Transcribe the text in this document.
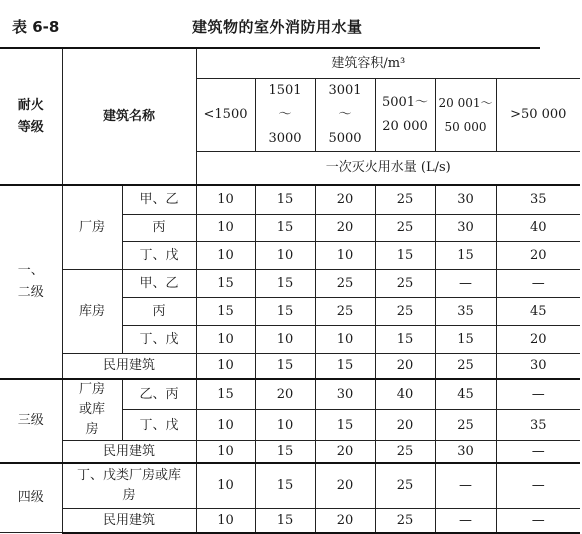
表 6-8	建筑物的室外消防用水量
耐火等级	建筑名称		建筑容积/m³					
			<1500	1501～3000	3001～5000	5001～20 000	20 001～50 000	>50 000
			一次灭火用水量 (L/s)					
一、二级	厂房	甲、乙	10	15	20	25	30	35
		丙	10	15	20	25	30	40
		丁、戊	10	10	10	15	15	20
	库房	甲、乙	15	15	25	25	—	—
		丙	15	15	25	25	35	45
		丁、戊	10	10	10	15	15	20
	民用建筑		10	15	15	20	25	30
三级	厂房或库房	乙、丙	15	20	30	40	45	—
		丁、戊	10	10	15	20	25	35
	民用建筑		10	15	20	25	30	—
四级	丁、戊类厂房或库房		10	15	20	25	—	—
	民用建筑		10	15	20	25	—	—
